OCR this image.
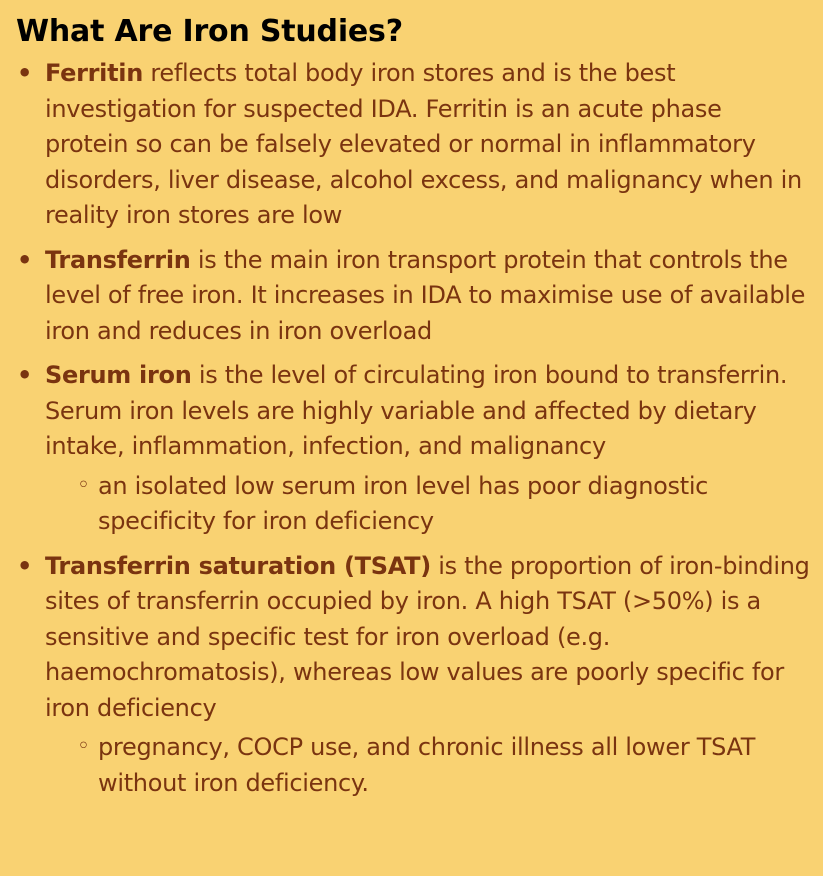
What Are Iron Studies?
• Ferritin reflects total body iron stores and is the best investigation for suspected IDA. Ferritin is an acute phase protein so can be falsely elevated or normal in inflammatory disorders, liver disease, alcohol excess, and malignancy when in reality iron stores are low
• Transferrin is the main iron transport protein that controls the level of free iron. It increases in IDA to maximise use of available iron and reduces in iron overload
• Serum iron is the level of circulating iron bound to transferrin. Serum iron levels are highly variable and affected by dietary intake, inflammation, infection, and malignancy
◦ an isolated low serum iron level has poor diagnostic specificity for iron deficiency
• Transferrin saturation (TSAT) is the proportion of iron-binding sites of transferrin occupied by iron. A high TSAT (>50%) is a sensitive and specific test for iron overload (e.g. haemochromatosis), whereas low values are poorly specific for iron deficiency
◦ pregnancy, COCP use, and chronic illness all lower TSAT without iron deficiency.
